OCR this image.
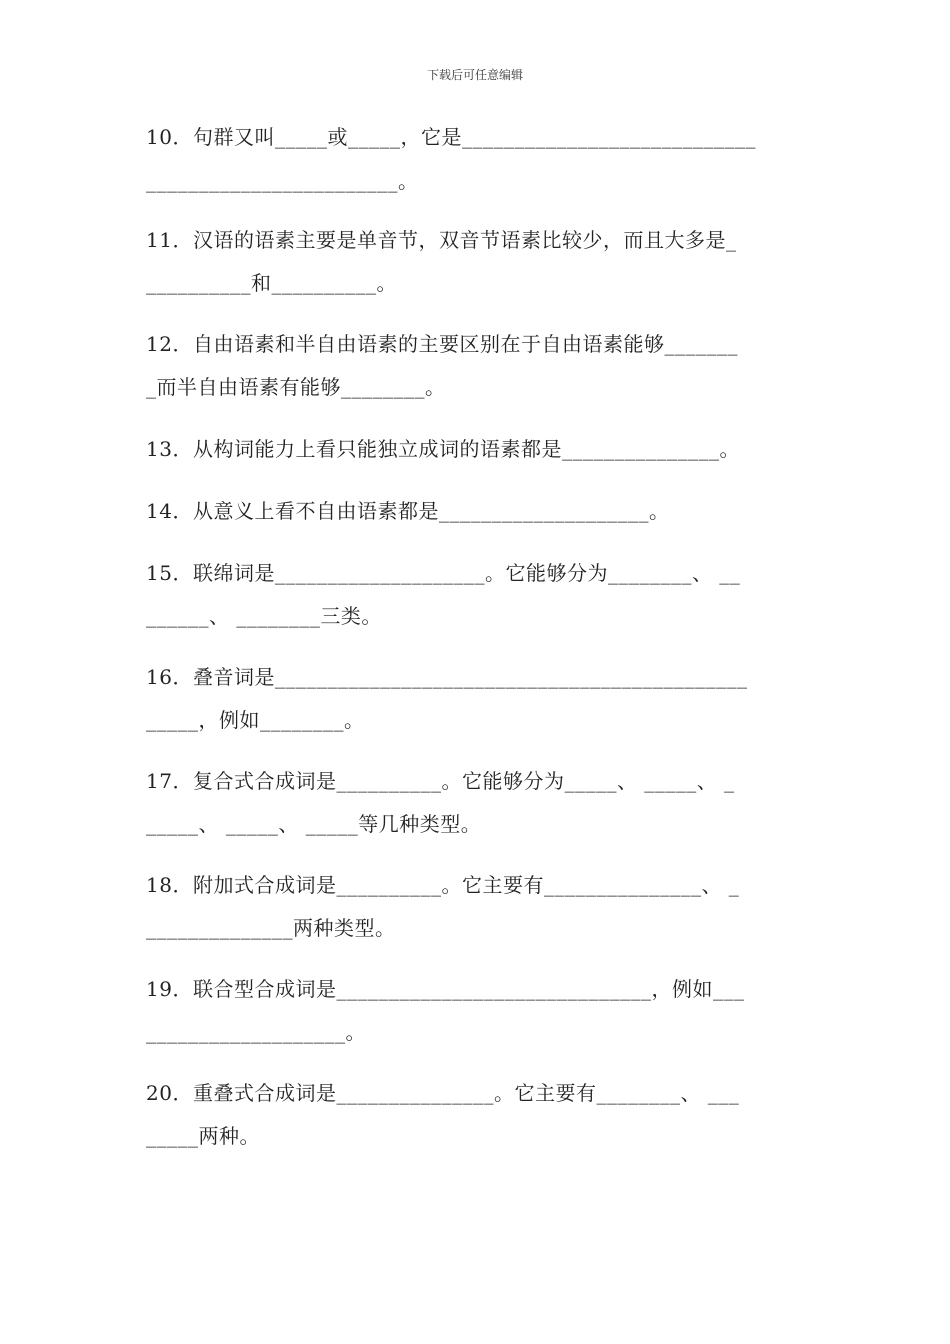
下载后可任意编辑
10．句群又叫_____或_____，它是____________________________
________________________。
11．汉语的语素主要是单音节，双音节语素比较少，而且大多是_
__________和__________。
12．自由语素和半自由语素的主要区别在于自由语素能够_______
_而半自由语素有能够________。
13．从构词能力上看只能独立成词的语素都是_______________。
14．从意义上看不自由语素都是____________________。
15．联绵词是____________________。它能够分为________、 __
______、 ________三类。
16．叠音词是_____________________________________________
_____，例如________。
17．复合式合成词是__________。它能够分为_____、 _____、 _
_____、 _____、 _____等几种类型。
18．附加式合成词是__________。它主要有_______________、 _
______________两种类型。
19．联合型合成词是______________________________，例如___
___________________。
20．重叠式合成词是_______________。它主要有________、 ___
_____两种。
